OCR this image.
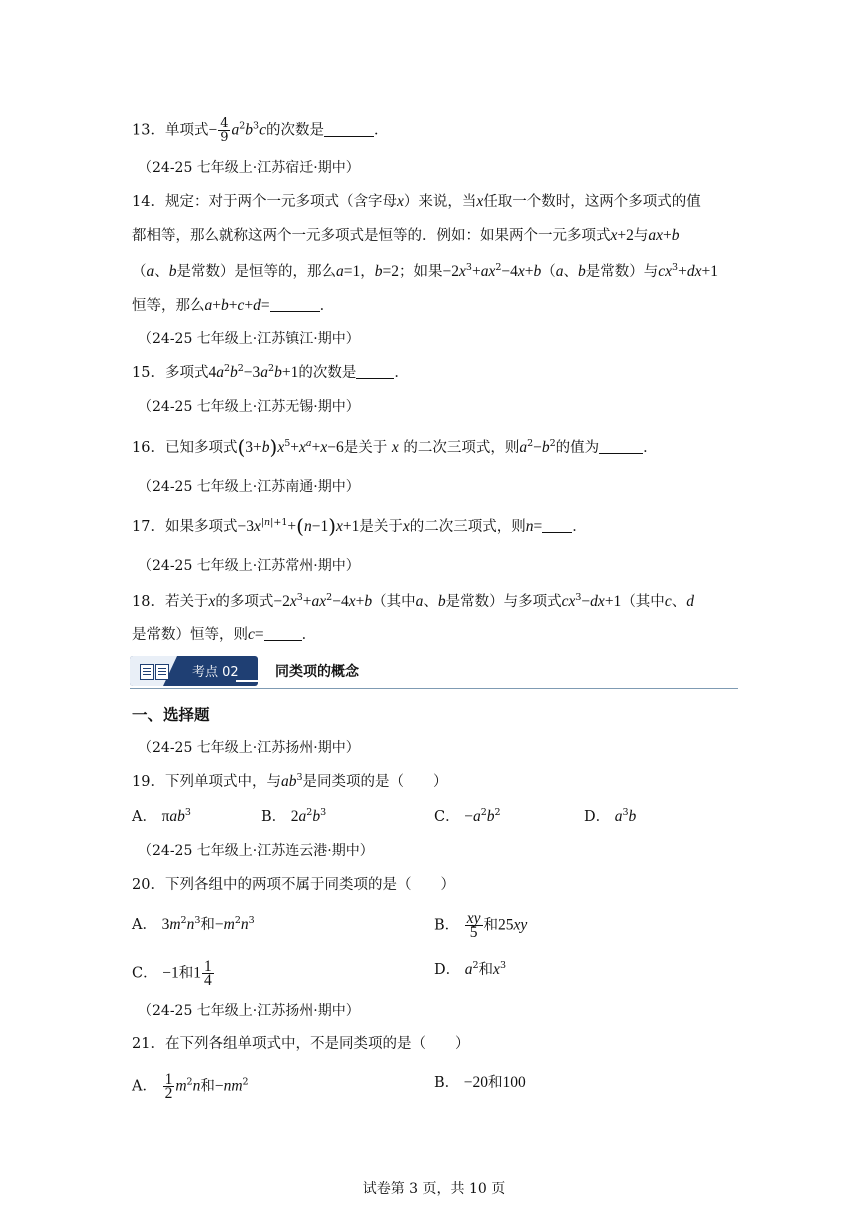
13．单项式− $\frac{4}{9} a^2b^3c$的次数是	．
（24-25 七年级上·江苏宿迁·期中）
14．规定：对于两个一元多项式（含字母x）来说，当x任取一个数时，这两个多项式的值
都相等，那么就称这两个一元多项式是恒等的．例如：如果两个一元多项式x+2与ax+b
（a、b是常数）是恒等的，那么a=1，b=2；如果$-2x^3+ax^2-4x+b(a$、b是常数）与$cx^3+dx+1$
恒等，那么a+b+c+d=	．
（24-25 七年级上·江苏镇江·期中）
15．多项式$4a^2b^2-3a^2b+1$的次数是	．
（24-25 七年级上·江苏无锡·期中）
16．已知多项式$(3+b)x^5+x^a+x-6$是关于 x 的二次三项式，则$a^2-b^2$的值为	．
（24-25 七年级上·江苏南通·期中）
17．如果多项式$-3x^{|n|+1}+(n-1)x+1$是关于x的二次三项式，则n= ．
（24-25 七年级上·江苏常州·期中）
18．若关于x的多项式$-2x^3+ax^2-4x+b$（其中a、b是常数）与多项式$cx^3-dx+1$（其中c、d
是常数）恒等，则c=	．
考点 02	同类项的概念
一、选择题
（24-25 七年级上·江苏扬州·期中）
19．下列单项式中，与$ab^3$是同类项的是（　　）
A． πab$^3$	B． $2a^2b^3$	C． $-a^2b^2$	D． $a^3b$
（24-25 七年级上·江苏连云港·期中）
20．下列各组中的两项不属于同类项的是（　　）
A． $3m^2n^3$和$-m^2n^3$	B． $\frac{xy}{5}$ 和25xy
C． −1和$1 \frac{1}{4}$	D． $a^2$和$x^3$
（24-25 七年级上·江苏扬州·期中）
21．在下列各组单项式中，不是同类项的是（　　）
A． $\frac{1}{2} m^2n$和$-nm^2$	B． −20和100
试卷第 3 页，共 10 页
